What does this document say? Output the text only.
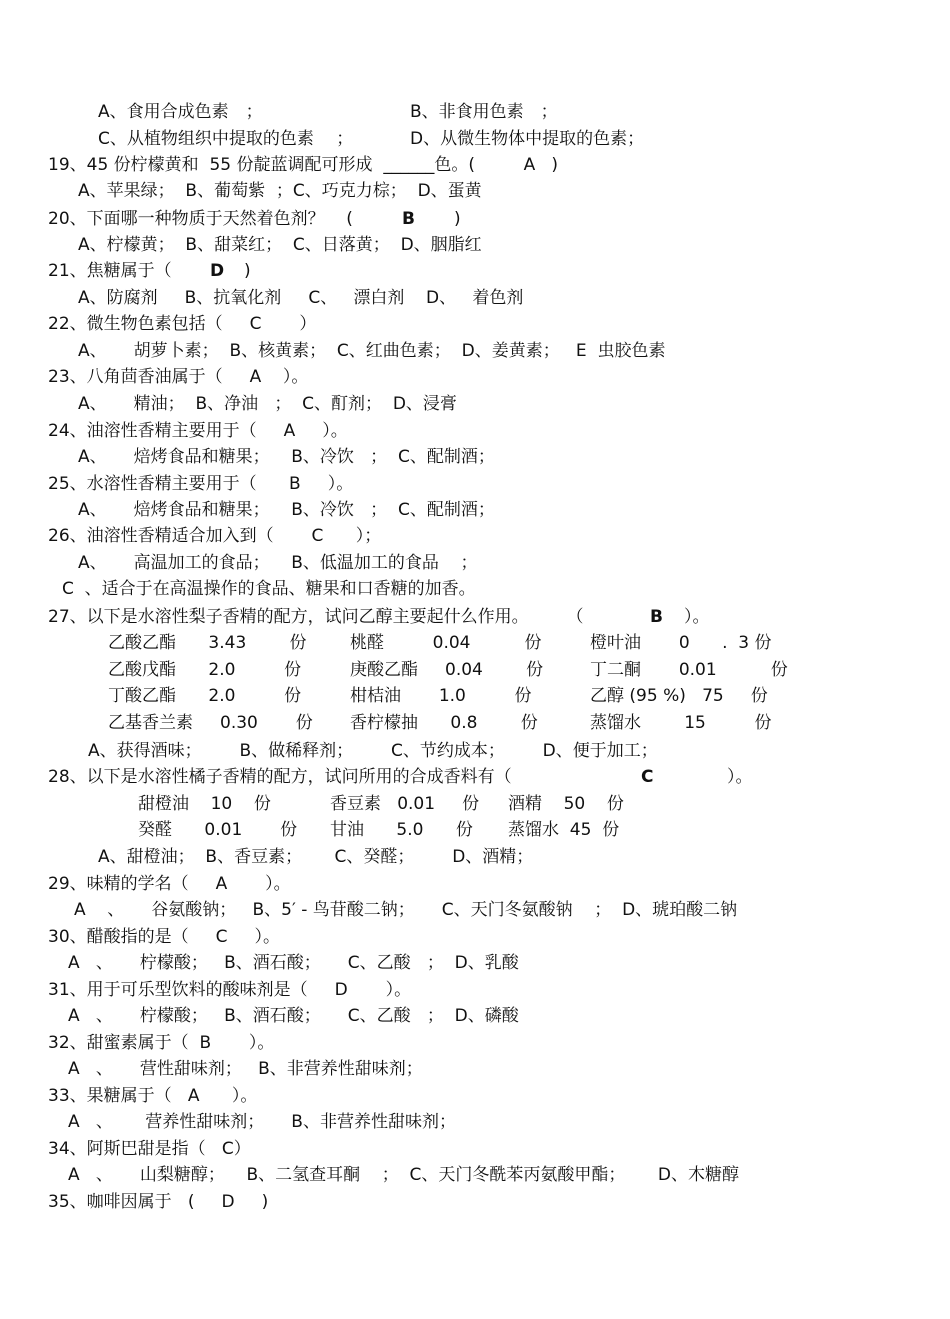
A、食用合成色素　；	B、非食用色素　；
C、从植物组织中提取的色素　 ；	D、从微生物体中提取的色素；
19、45 份柠檬黄和  55 份靛蓝调配可形成  ______色。(         A   )
A、苹果绿；  B、葡萄紫  ；C、巧克力棕；  D、蛋黄
20、下面哪一种物质于天然着色剂？    ( B )
A、柠檬黄；  B、甜菜红；  C、日落黄；  D、胭脂红
21、焦糖属于（ D )
A、防腐剂     B、抗氧化剂     C、   漂白剂    D、   着色剂
22、微生物色素包括（     C       ）
A、     胡萝卜素；  B、核黄素；  C、红曲色素；  D、姜黄素；   E  虫胶色素
23、八角茴香油属于（     A    ）。
A、     精油；  B、净油   ；  C、酊剂；  D、浸膏
24、油溶性香精主要用于（     A     ）。
A、     焙烤食品和糖果；    B、冷饮   ；  C、配制酒；
25、水溶性香精主要用于（      B     ）。
A、     焙烤食品和糖果；    B、冷饮   ；  C、配制酒；
26、油溶性香精适合加入到（       C      ）；
A、     高温加工的食品；    B、低温加工的食品    ；
C  、适合于在高温操作的食品、糖果和口香糖的加香。
27、以下是水溶性梨子香精的配方，试问乙醇主要起什么作用。       （	B ）。
乙酸乙酯      3.43        份	桃醛         0.04          份	橙叶油       0      .  3 份
乙酸戊酯      2.0         份	庚酸乙酯     0.04        份	丁二酮       0.01          份
丁酸乙酯      2.0         份	柑桔油       1.0         份	乙醇 (95 %)   75     份
乙基香兰素     0.30       份 香柠檬抽      0.8        份	蒸馏水        15         份
A、获得酒味；       B、做稀释剂；       C、节约成本；       D、便于加工；
28、以下是水溶性橘子香精的配方，试问所用的合成香料有（	C	）。
甜橙油    10    份	香豆素   0.01     份 酒精    50    份
癸醛      0.01       份 甘油      5.0      份 蒸馏水  45  份
A、甜橙油；  B、香豆素；      C、癸醛；       D、酒精；
29、味精的学名（     A       ）。
A    、     谷氨酸钠；   B、5′ - 鸟苷酸二钠；     C、天门冬氨酸钠    ；  D、琥珀酸二钠
30、醋酸指的是（     C     ）。
A   、     柠檬酸；   B、酒石酸；     C、乙酸   ；  D、乳酸
31、用于可乐型饮料的酸味剂是（     D       ）。
A   、     柠檬酸；   B、酒石酸；     C、乙酸   ；  D、磷酸
32、甜蜜素属于（  B       ）。
A   、     营性甜味剂；   B、非营养性甜味剂；
33、果糖属于（   A      ）。
A   、      营养性甜味剂；     B、非营养性甜味剂；
34、阿斯巴甜是指（   C）
A   、     山梨糖醇；    B、二氢查耳酮    ；  C、天门冬酰苯丙氨酸甲酯；      D、木糖醇
35、咖啡因属于   (     D     )
